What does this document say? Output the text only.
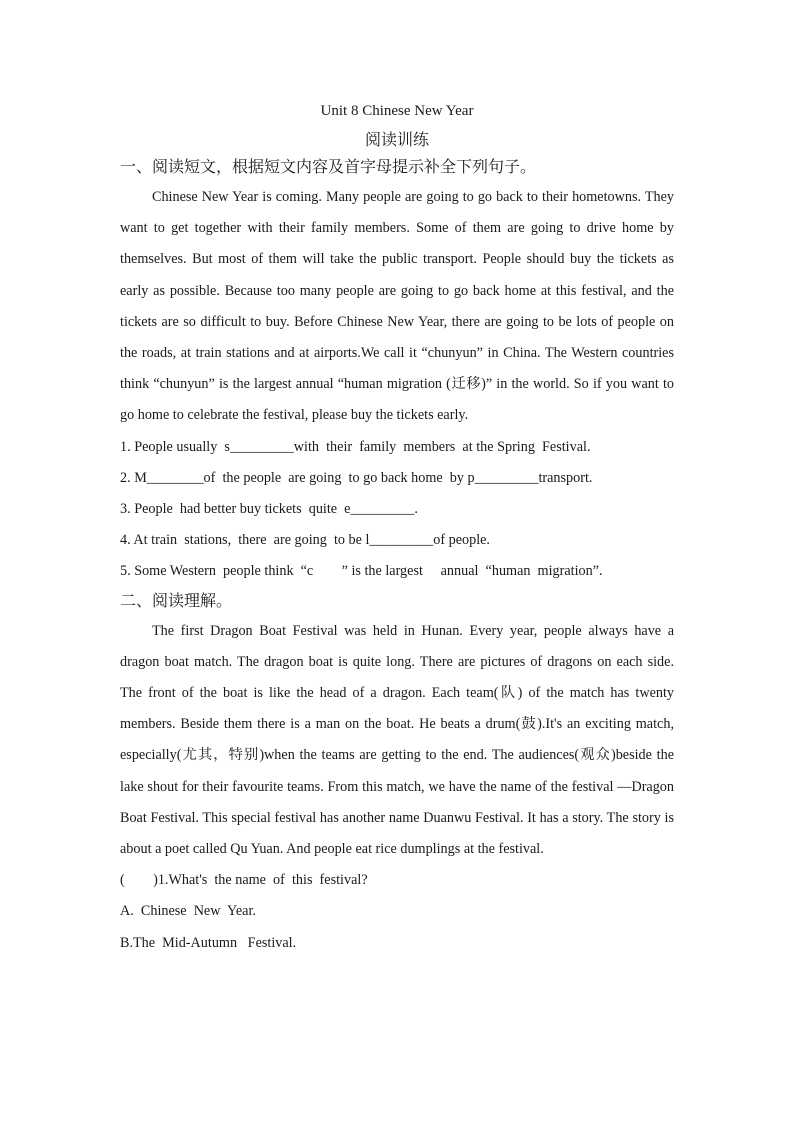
Unit 8 Chinese New Year
阅读训练
一、阅读短文，根据短文内容及首字母提示补全下列句子。

Chinese New Year is coming. Many people are going to go back to their hometowns. They want to get together with their family members. Some of them are going to drive home by themselves. But most of them will take the public transport. People should buy the tickets as early as possible. Because too many people are going to go back home at this festival, and the tickets are so difficult to buy. Before Chinese New Year, there are going to be lots of people on the roads, at train stations and at airports.We call it “chunyun” in China. The Western countries think “chunyun” is the largest annual “human migration (迁移)” in the world. So if you want to go home to celebrate the festival, please buy the tickets early.

1. People usually  s_________with  their  family  members  at the Spring  Festival.
2. M________of  the people  are going  to go back home  by p_________transport.
3. People  had better buy tickets  quite  e_________.
4. At train  stations,  there  are going  to be l_________of people.
5. Some Western  people think  “c        ” is the largest     annual  “human  migration”.
二、阅读理解。

The first Dragon Boat Festival was held in Hunan. Every year, people always have a dragon boat match. The dragon boat is quite long. There are pictures of dragons on each side. The front of the boat is like the head of a dragon. Each team(队) of the match has twenty members. Beside them there is a man on the boat. He beats a drum(鼓).It's an exciting match, especially(尤其，特别)when the teams are getting to the end. The audiences(观众)beside the lake shout for their favourite teams. From this match, we have the name of the festival —Dragon Boat Festival. This special festival has another name Duanwu Festival. It has a story. The story is about a poet called Qu Yuan. And people eat rice dumplings at the festival.

(        )1.What's  the name  of  this  festival?
A.  Chinese  New  Year.
B.The  Mid-Autumn   Festival.
